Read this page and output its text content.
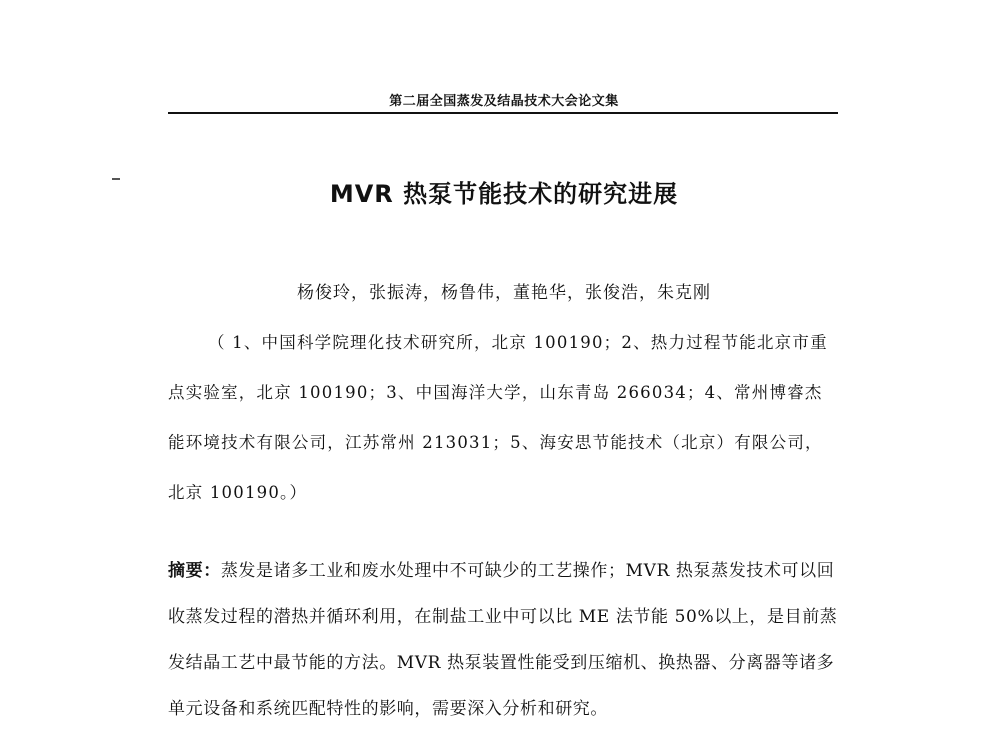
第二届全国蒸发及结晶技术大会论文集
MVR 热泵节能技术的研究进展
杨俊玲，张振涛，杨鲁伟，董艳华，张俊浩，朱克刚

（ 1、中国科学院理化技术研究所，北京 100190；2、热力过程节能北京市重点实验室，北京 100190；3、中国海洋大学，山东青岛 266034；4、常州博睿杰能环境技术有限公司，江苏常州 213031；5、海安思节能技术（北京）有限公司，北京 100190。）

摘要：蒸发是诸多工业和废水处理中不可缺少的工艺操作；MVR 热泵蒸发技术可以回收蒸发过程的潜热并循环利用，在制盐工业中可以比 ME 法节能 50%以上，是目前蒸发结晶工艺中最节能的方法。MVR 热泵装置性能受到压缩机、换热器、分离器等诸多单元设备和系统匹配特性的影响，需要深入分析和研究。
